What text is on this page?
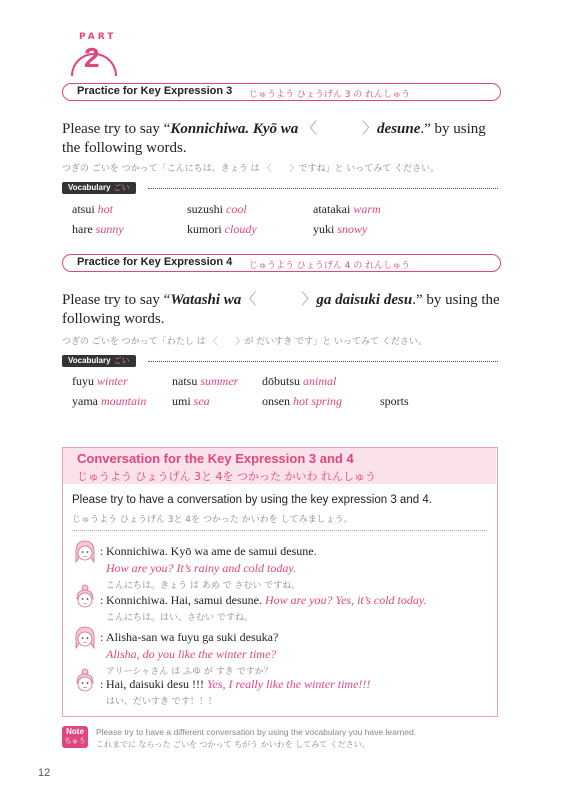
PART
2
Practice for Key Expression 3 じゅうよう ひょうげん 3 の れんしゅう
Please try to say “Konnichiwa. Kyō wa 〈　　　〉desune.” by using the following words.
つぎの ごいを つかって「こんにちは。きょう は 〈　　〉ですね」と いってみて ください。
Vocabulary ごい
atsui hot	suzushi cool	atatakai warm
hare sunny	kumori cloudy	yuki snowy
Practice for Key Expression 4 じゅうよう ひょうげん 4 の れんしゅう
Please try to say “Watashi wa〈　　　〉ga daisuki desu.” by using the following words.
つぎの ごいを つかって「わたし は 〈　　〉が だいすき です」と いってみて ください。
Vocabulary ごい
fuyu winter	natsu summer dōbutsu animal
yama mountain umi sea	onsen hot spring	sports
Conversation for the Key Expression 3 and 4
じゅうよう ひょうげん 3と 4を つかった かいわ れんしゅう
Please try to have a conversation by using the key expression 3 and 4.
じゅうよう ひょうげん 3と 4を つかった かいわを してみましょう。
:
:
:
:
Konnichiwa. Kyō wa ame de samui desune.
How are you? It’s rainy and cold today.
こんにちは。きょう は あめ で さむい ですね。
Konnichiwa. Hai, samui desune. How are you? Yes, it’s cold today.
こんにちは。はい、さむい ですね。
Alisha-san wa fuyu ga suki desuka?
Alisha, do you like the winter time?
アリーシャさん は ふゆ が すき ですか？
Hai, daisuki desu !!! Yes, I really like the winter time!!!
はい、だいすき です！！！
Note
ちゅう
Please try to have a different conversation by using the vocabulary you have learned.
これまでに ならった ごいを つかって ちがう かいわを してみて ください。
12
